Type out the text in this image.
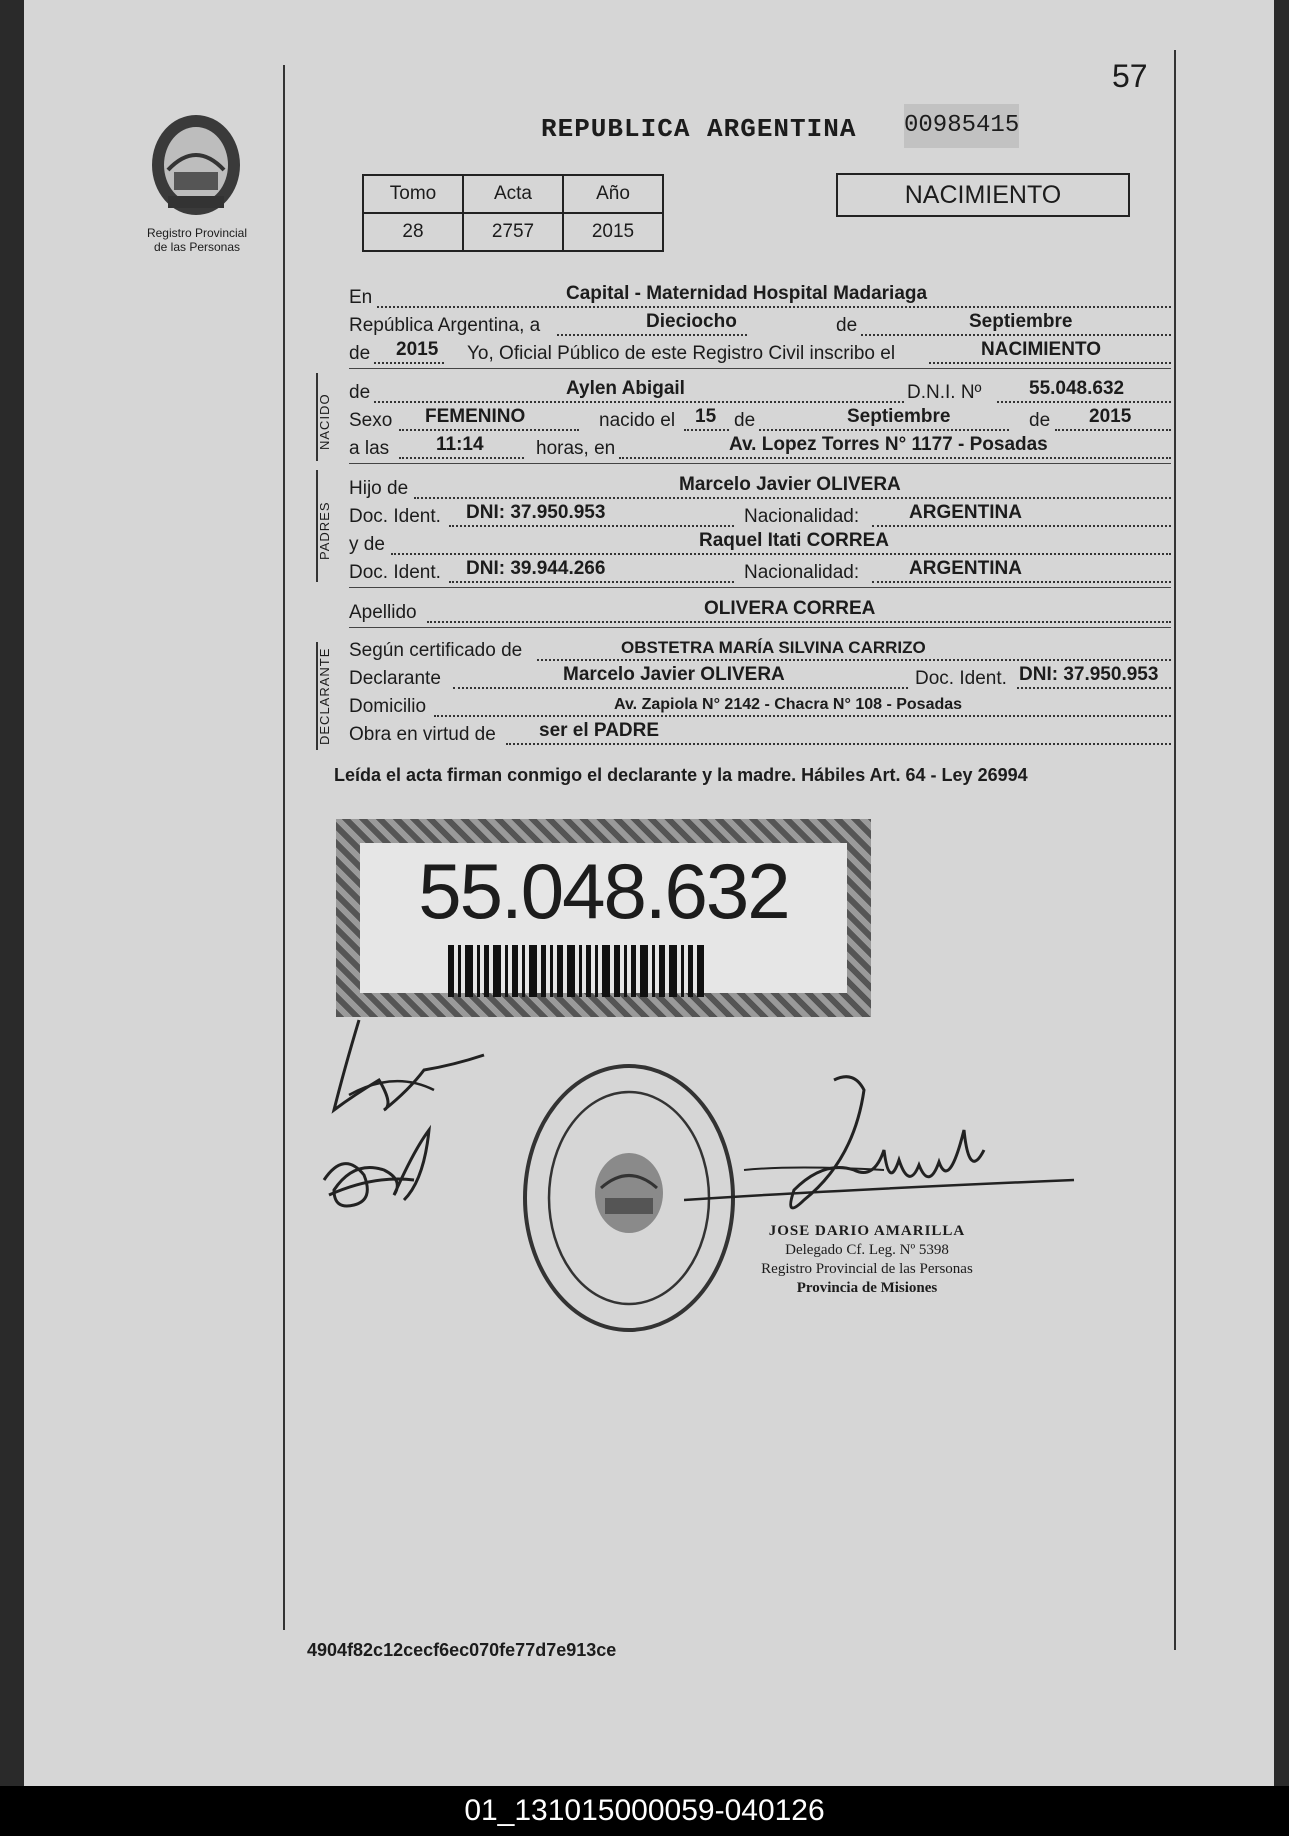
57
Registro Provincial
de las Personas
REPUBLICA ARGENTINA 00985415
Tomo	Acta	Año
28	2757	2015
NACIMIENTO
En	Capital - Maternidad Hospital Madariaga
República Argentina, a	Dieciocho	de	Septiembre
de 2015 Yo, Oficial Público de este Registro Civil inscribo el	NACIMIENTO
NACIDO
de	Aylen Abigail	D.N.I. Nº	55.048.632
Sexo FEMENINO	nacido el 15 de	Septiembre	de 2015
a las 11:14	horas, en	Av. Lopez Torres N° 1177 - Posadas
PADRES
Hijo de	Marcelo Javier OLIVERA
Doc. Ident. DNI: 37.950.953	Nacionalidad:	ARGENTINA
y de	Raquel Itati CORREA
Doc. Ident. DNI: 39.944.266	Nacionalidad:	ARGENTINA
Apellido	OLIVERA CORREA
DECLARANTE Según certificado de	OBSTETRA MARÍA SILVINA CARRIZO
Declarante	Marcelo Javier OLIVERA	Doc. Ident. DNI: 37.950.953
Domicilio	Av. Zapiola N° 2142 - Chacra N° 108 - Posadas
Obra en virtud de ser el PADRE
Leída el acta firman conmigo el declarante y la madre. Hábiles Art. 64 - Ley 26994
55.048.632
JOSE DARIO AMARILLA
Delegado Cf. Leg. Nº 5398
Registro Provincial de las Personas
Provincia de Misiones
4904f82c12cecf6ec070fe77d7e913ce
01_131015000059-040126
